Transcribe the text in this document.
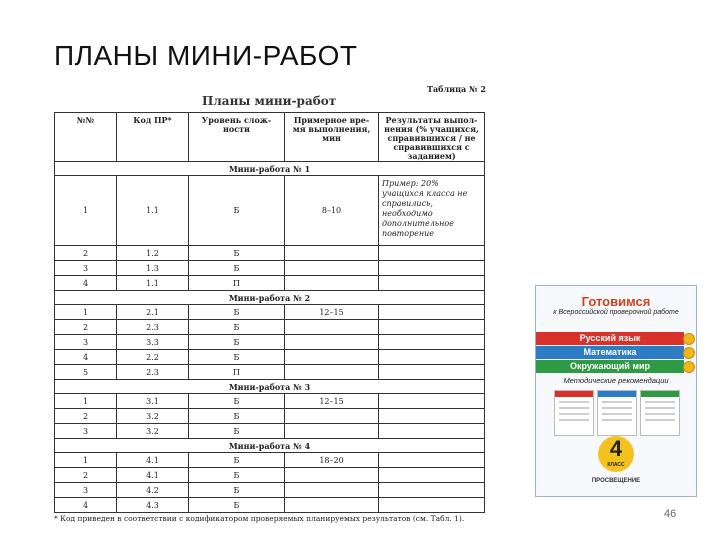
ПЛАНЫ МИНИ-РАБОТ
Таблица № 2
Планы мини-работ
№№	Код ПР*	Уровень слож-ности	Примерное вре-мя выполнения, мин	Результаты выпол-нения (% учащихся, справившихся / не справившихся с заданием)
Мини-работа № 1				
1	1.1	Б	8–10	Пример: 20% учащихся класса не справились, необходимо дополнительное повторение
2	1.2	Б		
3	1.3	Б		
4	1.1	П		
Мини-работа № 2				
1	2.1	Б	12–15	
2	2.3	Б		
3	3.3	Б		
4	2.2	Б		
5	2.3	П		
Мини-работа № 3				
1	3.1	Б	12–15	
2	3.2	Б		
3	3.2	Б		
Мини-работа № 4				
1	4.1	Б	18–20	
2	4.1	Б		
3	4.2	Б		
4	4.3	Б		
* Код приведен в соответствии с кодификатором проверяемых планируемых результатов (см. Табл. 1).
Готовимся
к Всероссийской проверочной работе
Русский язык
Математика
Окружающий мир
Методические рекомендации
4
КЛАСС
ПРОСВЕЩЕНИЕ
46
